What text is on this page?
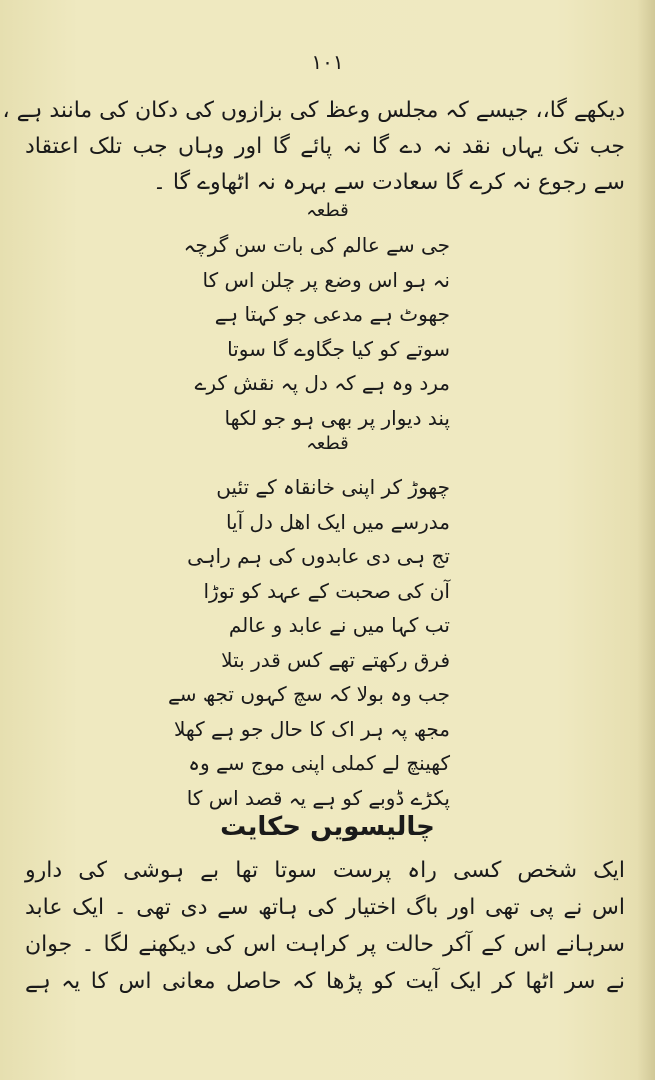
۱۰۱

دیکھے گا،، جیسے کہ مجلس وعظ کی بزازوں کی دکان کی مانند ہے ،

جب تک یہاں نقد نہ دے گا نہ پائے گا اور وہاں جب تلک اعتقاد

سے رجوع نہ کرے گا سعادت سے بہرہ نہ اٹھاوے گا ۔

قطعہ
جی سے عالم کی بات سن گرچہ
نہ ہو اس وضع پر چلن اس کا
جھوٹ ہے مدعی جو کہتا ہے
سوتے کو کیا جگاوے گا سوتا
مرد وہ ہے کہ دل پہ نقش کرے
پند دیوار پر بھی ہو جو لکھا
قطعہ
چھوڑ کر اپنی خانقاہ کے تئیں
مدرسے میں ایک اهل دل آیا
تج ہی دی عابدوں کی ہم راہی
آن کی صحبت کے عہد کو توڑا
تب کہا میں نے عابد و عالم
فرق رکھتے تھے کس قدر بتلا
جب وہ بولا کہ سچ کہوں تجھ سے
مجھ پہ ہر اک کا حال جو ہے کھلا
کھینچ لے کملی اپنی موج سے وہ
پکڑے ڈوبے کو ہے یہ قصد اس کا
چالیسویں حکایت

ایک شخص کسی راہ پرست سوتا تھا بے ہوشی کی دارو

اس نے پی تھی اور باگ اختیار کی ہاتھ سے دی تھی ۔ ایک عابد

سرہانے اس کے آکر حالت پر کراہت اس کی دیکھنے لگا ۔ جوان

نے سر اٹھا کر ایک آیت کو پڑھا کہ حاصل معانی اس کا یہ ہے
